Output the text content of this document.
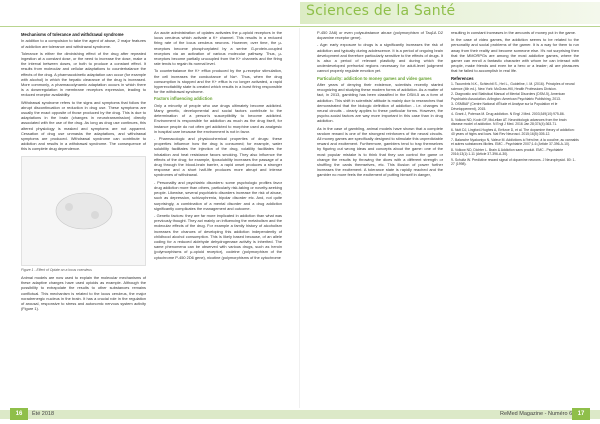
Sciences de la Santé
Mechanisms of tolerance and withdrawal syndrome

In addition to a compulsion to take the agent of abuse, 2 major features of addiction are tolerance and withdrawal syndrome.

Tolerance is either the diminishing effect of the drug after repeated ingestion at a constant dose, or the need to increase the dose, make a the interval between doses, or both to produce a constant effect. It results from molecular and cellular adaptations to counterbalance the effects of the drug. A pharmacokinetic adaptation can occur (for example with alcohol) in which the hepatic clearance of the drug is increased. More commonly, a pharmacodynamic adaptation occurs in which there is a downregulation in membrane receptors expression, leading to reduced receptor availability.

Withdrawal syndrome refers to the signs and symptoms that follow the abrupt discontinuation or reduction in drug use. These symptoms are usually the exact opposite of those produced by the drug. This is due to adaptations in the brain (changes in neurotransmission) directly associated with the use of the drug. As long as drug use continues, this altered physiology is masked and symptoms are not apparent. Cessation of drug use unmasks the adaptations, and withdrawal symptoms are produced. Withdrawal syndrome can contribute to addiction and results in a withdrawal syndrome. The consequence of this is complete drug dependence.

Figure 1 - Effect of Opiate on a locus coeruleus

Animal models are now used to explain the molecular mechanisms of these adaptive changes have used opioids as example. Although the possibility to extrapolate the results to other substances remains conflictual. This mechanism is related to the locus ceruleus, the major noradrenergic nucleus in the brain. It has a crucial role in the regulation of arousal, responsive to stress and autonomic nervous system activity (Figure 1).

An acute administration of opiates activates the μ-opioid receptors in the locus ceruleus which activate a K+ channel. This results in a reduced firing rate of the locus ceruleus neurons. However, over time, the μ-receptors become phosphorylated by a serine G-protein-coupled receptors via an activation of various molecular pathway. Thus, μ-receptors become partially uncoupled from the K+ channels and the firing rate tends to regain its normal level.

To counterbalance the K+ efflux produced by the μ-receptor stimulation, the cell increases the conductance of Na+. Thus, when the drug consumption is stopped and the K+ efflux is no longer activated, a rapid hyperexcitability state is created which results in a burst firing responsible for the withdrawal syndrome.

Factors influencing addiction

Only a minority of people who use drugs ultimately become addicted. Many genetic, developmental and social factors contribute to the determination of a person's susceptibility to become addicted. Environment is responsible for addiction as much as the drug itself, for instance people do not often get addicted to morphine used as analgesic in hospital care because the environment is not in favor.

- Pharmacologic and physicochemical properties of drugs: these properties influence how the drug is consumed; for example, water solubility facilitates the injection of the drug, volatility facilitates the inhalation and heat resistance favors smoking. They also influence the effects of the drug; for example, liposolubility increases the passage of a drug through the blood-brain barrier, a rapid onset produces a stronger response and a short half-life produces more abrupt and intense syndromes of withdrawal.

- Personality and psychiatric disorders: some psychologic profiles favor drug addiction more than others, particularly risk-taking or novelty-seeking people. Likewise, several psychiatric disorders increase the risk of abuse, such as depression, schizophrenia, bipolar disorder etc. And, not quite surprisingly, a combination of a mental disorder and a drug addiction significantly complicates the management and outcome.

- Genetic factors: they are far more implicated in addiction than what was previously thought. They act mainly on influencing the metabolism and the molecular effects of the drug. For example a family history of alcoholism increases the chances of developing this addiction independently of childhood alcohol consumption. This is likely based because, of an allele coding for a reduced aldehyde dehydrogenase activity is inherited. The same phenomena can be observed with various drugs, such as heroin (polymorphisms of μ-opioid receptor), codeine (polymorphism of the cytochrome P-450 2D6 gene), nicotine (polymorphisms of the cytochrome

P-450 2A6) or even polysubstance abuse (polymorphism of Taq1A D2 dopamine receptor gene).

- Age: early exposure to drugs is a significantly increases the risk of addiction and typically during adolescence. It is a period of ongoing brain development and therefore particularly sensitive to the effects of drugs. It is also a period of relevant plasticity and during which the underdeveloped prefrontal regions necessary for adult-level judgment cannot properly regulate emotion yet.

Particularity: addiction to money games and video games

After years of denying their existence, scientists recently started recognizing and studying these modern forms of addiction. As a matter of fact, in 2013, gambling has been classified in the DSM-5 as a form of addiction. This shift in scientists' attitude is mainly due to researches that demonstrated that the biologic definition of addiction - i.e. changes in neural circuits - clearly applies to these particular forms. However, the psycho-social factors are way more important in this case than in drug addiction.

As in the case of gambling, animal models have shown that a complete random reward is one of the strongest reinforcers of the neural circuits. All money games are specifically designed to stimulate this unpredictable reward and excitement. Furthermore, gamblers tend to trap themselves by figuring out wrong ideas and concepts about the game: one of the most popular mistake is to think that they can control the game or change the results by throwing the dices with a different strength or shuffling the cards themselves, etc. This illusion of power further increases the excitement. A tolerance state is rapidly reached and the gambler no more feels the excitement of putting himself in danger,

resulting in constant increases in the amounts of money put in the game.

In the case of video games, the addiction seems to be related to the personality and social problems of the gamer. It is a way for them to run away from their reality and become someone else. It's not surprising then that the MMORPGs are among the most addictive games, where the gamer can enroll a fantastic character with whom he can interact with people, make friends and even be a hero or a leader; all are pleasures that he failed to accomplish in real life.

References

1- Tsoumbris N.K., Schiechtl S., Hel L., Guideline, I. M. (2016). Principles of neural science (4th ed.). New York: McGraw-Hill, Health Professions Division.

2- Diagnostic and Statistical Manual of Mental Disorders (DSM-5), American Psychiatric Association. Arlington: American Psychiatric Publishing, 2013.

3- OSMBAF (Centre National d'Étude et Analyse sur la Population et le Développement), 2015.

4- Grant J, Potenza M. Drug addiction. N Engl J Med. 2003;349(10):975-86.

5- Volkow ND, Koob GF, McLellan AT. Neurobiologic advances from the brain disease model of addiction. N Engl J Med. 2016 Jan 28;374(4):363-71.

6- Nutt DJ, Lingford-Hughes A, Erritzoe D, et al. The dopamine theory of addiction: 40 years of highs and lows. Nat Rev Neurosci. 2015;16(5):305-12.

7- Balanche Nyakoniyo N, Valeur M. Addictions à l'héroïne, à la cocaïne, au cannabis et autres substances illicites. EMC - Psychiatrie 2007;1-6 (Article 37-396-A-10).

8- Volkow ND, Dichter L. Brain & Addiction sans produit. EMC - Psychiatrie 2016;13(1):1-11 (Article 37-396-A-30).

9- Schultz W. Predictive reward signal of dopamine neurons. J Neurophysiol. 80: 1-27 (1998).

16	Été 2018	ReMed Magazine - Numéro 6 17
